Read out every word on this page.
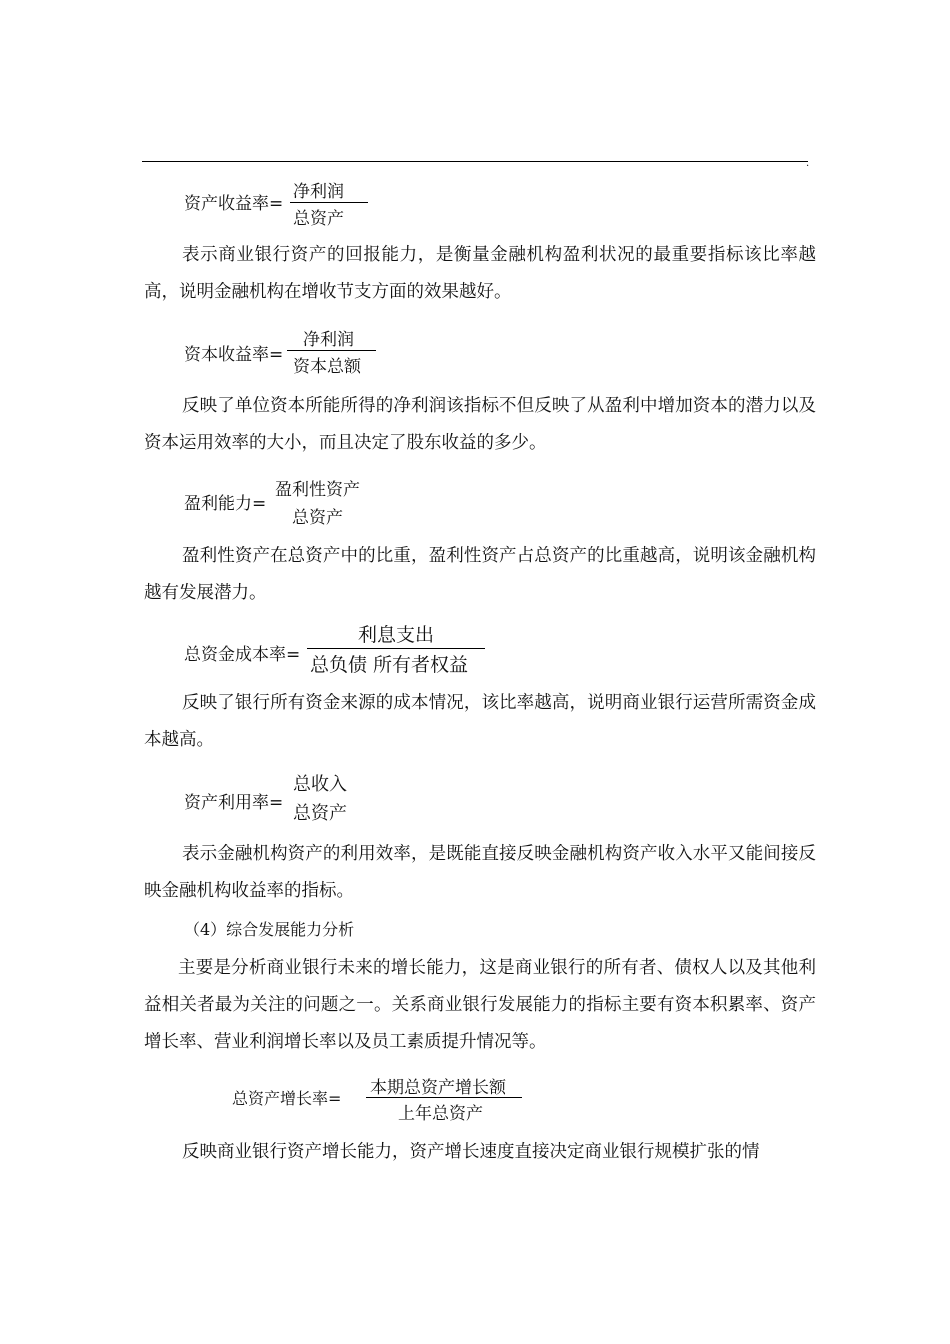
.
资产收益率=
净利润
总资产

表示商业银行资产的回报能力，是衡量金融机构盈利状况的最重要指标该比率越高，说明金融机构在增收节支方面的效果越好。

资本收益率=
净利润
资本总额

反映了单位资本所能所得的净利润该指标不但反映了从盈利中增加资本的潜力以及资本运用效率的大小，而且决定了股东收益的多少。

盈利能力=
盈利性资产
总资产

盈利性资产在总资产中的比重，盈利性资产占总资产的比重越高，说明该金融机构越有发展潜力。

总资金成本率=
利息支出
总负债 所有者权益

反映了银行所有资金来源的成本情况，该比率越高，说明商业银行运营所需资金成本越高。

资产利用率=
总收入
总资产

表示金融机构资产的利用效率，是既能直接反映金融机构资产收入水平又能间接反映金融机构收益率的指标。

（4）综合发展能力分析

主要是分析商业银行未来的增长能力，这是商业银行的所有者、债权人以及其他利益相关者最为关注的问题之一。关系商业银行发展能力的指标主要有资本积累率、资产增长率、营业利润增长率以及员工素质提升情况等。

总资产增长率=
本期总资产增长额
上年总资产

反映商业银行资产增长能力，资产增长速度直接决定商业银行规模扩张的情
